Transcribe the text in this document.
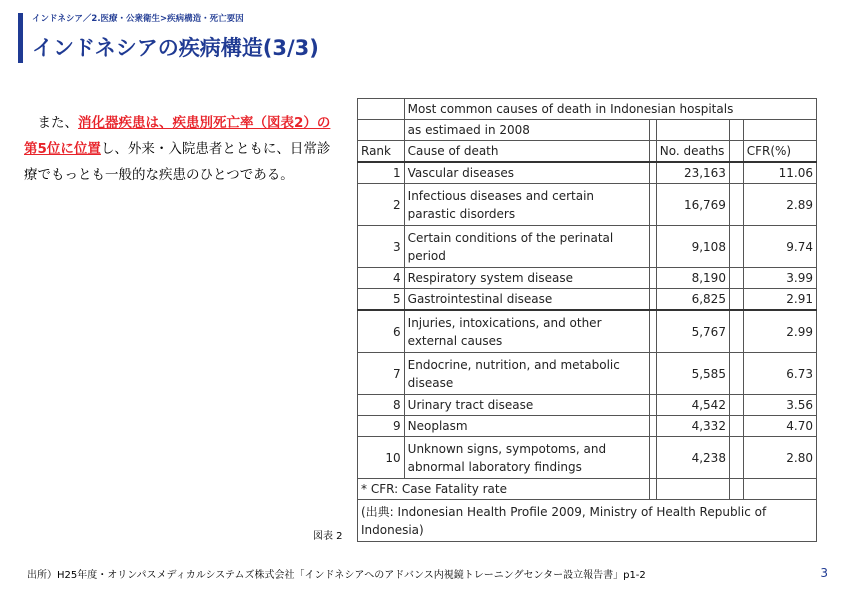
インドネシア／2.医療・公衆衛生>疾病構造・死亡要因
インドネシアの疾病構造(3/3)
　また、消化器疾患は、疾患別死亡率（図表2）の第5位に位置し、外来・入院患者とともに、日常診療でもっとも一般的な疾患のひとつである。
	Most common causes of death in Indonesian hospitals				
	as estimaed in 2008				
Rank	Cause of death		No. deaths		CFR(%)
1	Vascular diseases		23,163		11.06
2	Infectious diseases and certain parastic disorders		16,769		2.89
3	Certain conditions of the perinatal period		9,108		9.74
4	Respiratory system disease		8,190		3.99
5	Gastrointestinal disease		6,825		2.91
6	Injuries, intoxications, and other external causes		5,767		2.99
7	Endocrine, nutrition, and metabolic disease		5,585		6.73
8	Urinary tract disease		4,542		3.56
9	Neoplasm		4,332		4.70
10	Unknown signs, sympotoms, and abnormal laboratory findings		4,238		2.80
* CFR: Case Fatality rate					
(出典: Indonesian Health Profile 2009, Ministry of Health Republic of Indonesia)					
図表 2
出所）H25年度・オリンパスメディカルシステムズ株式会社「インドネシアへのアドバンス内視鏡トレーニングセンター設立報告書」p1-2	3
